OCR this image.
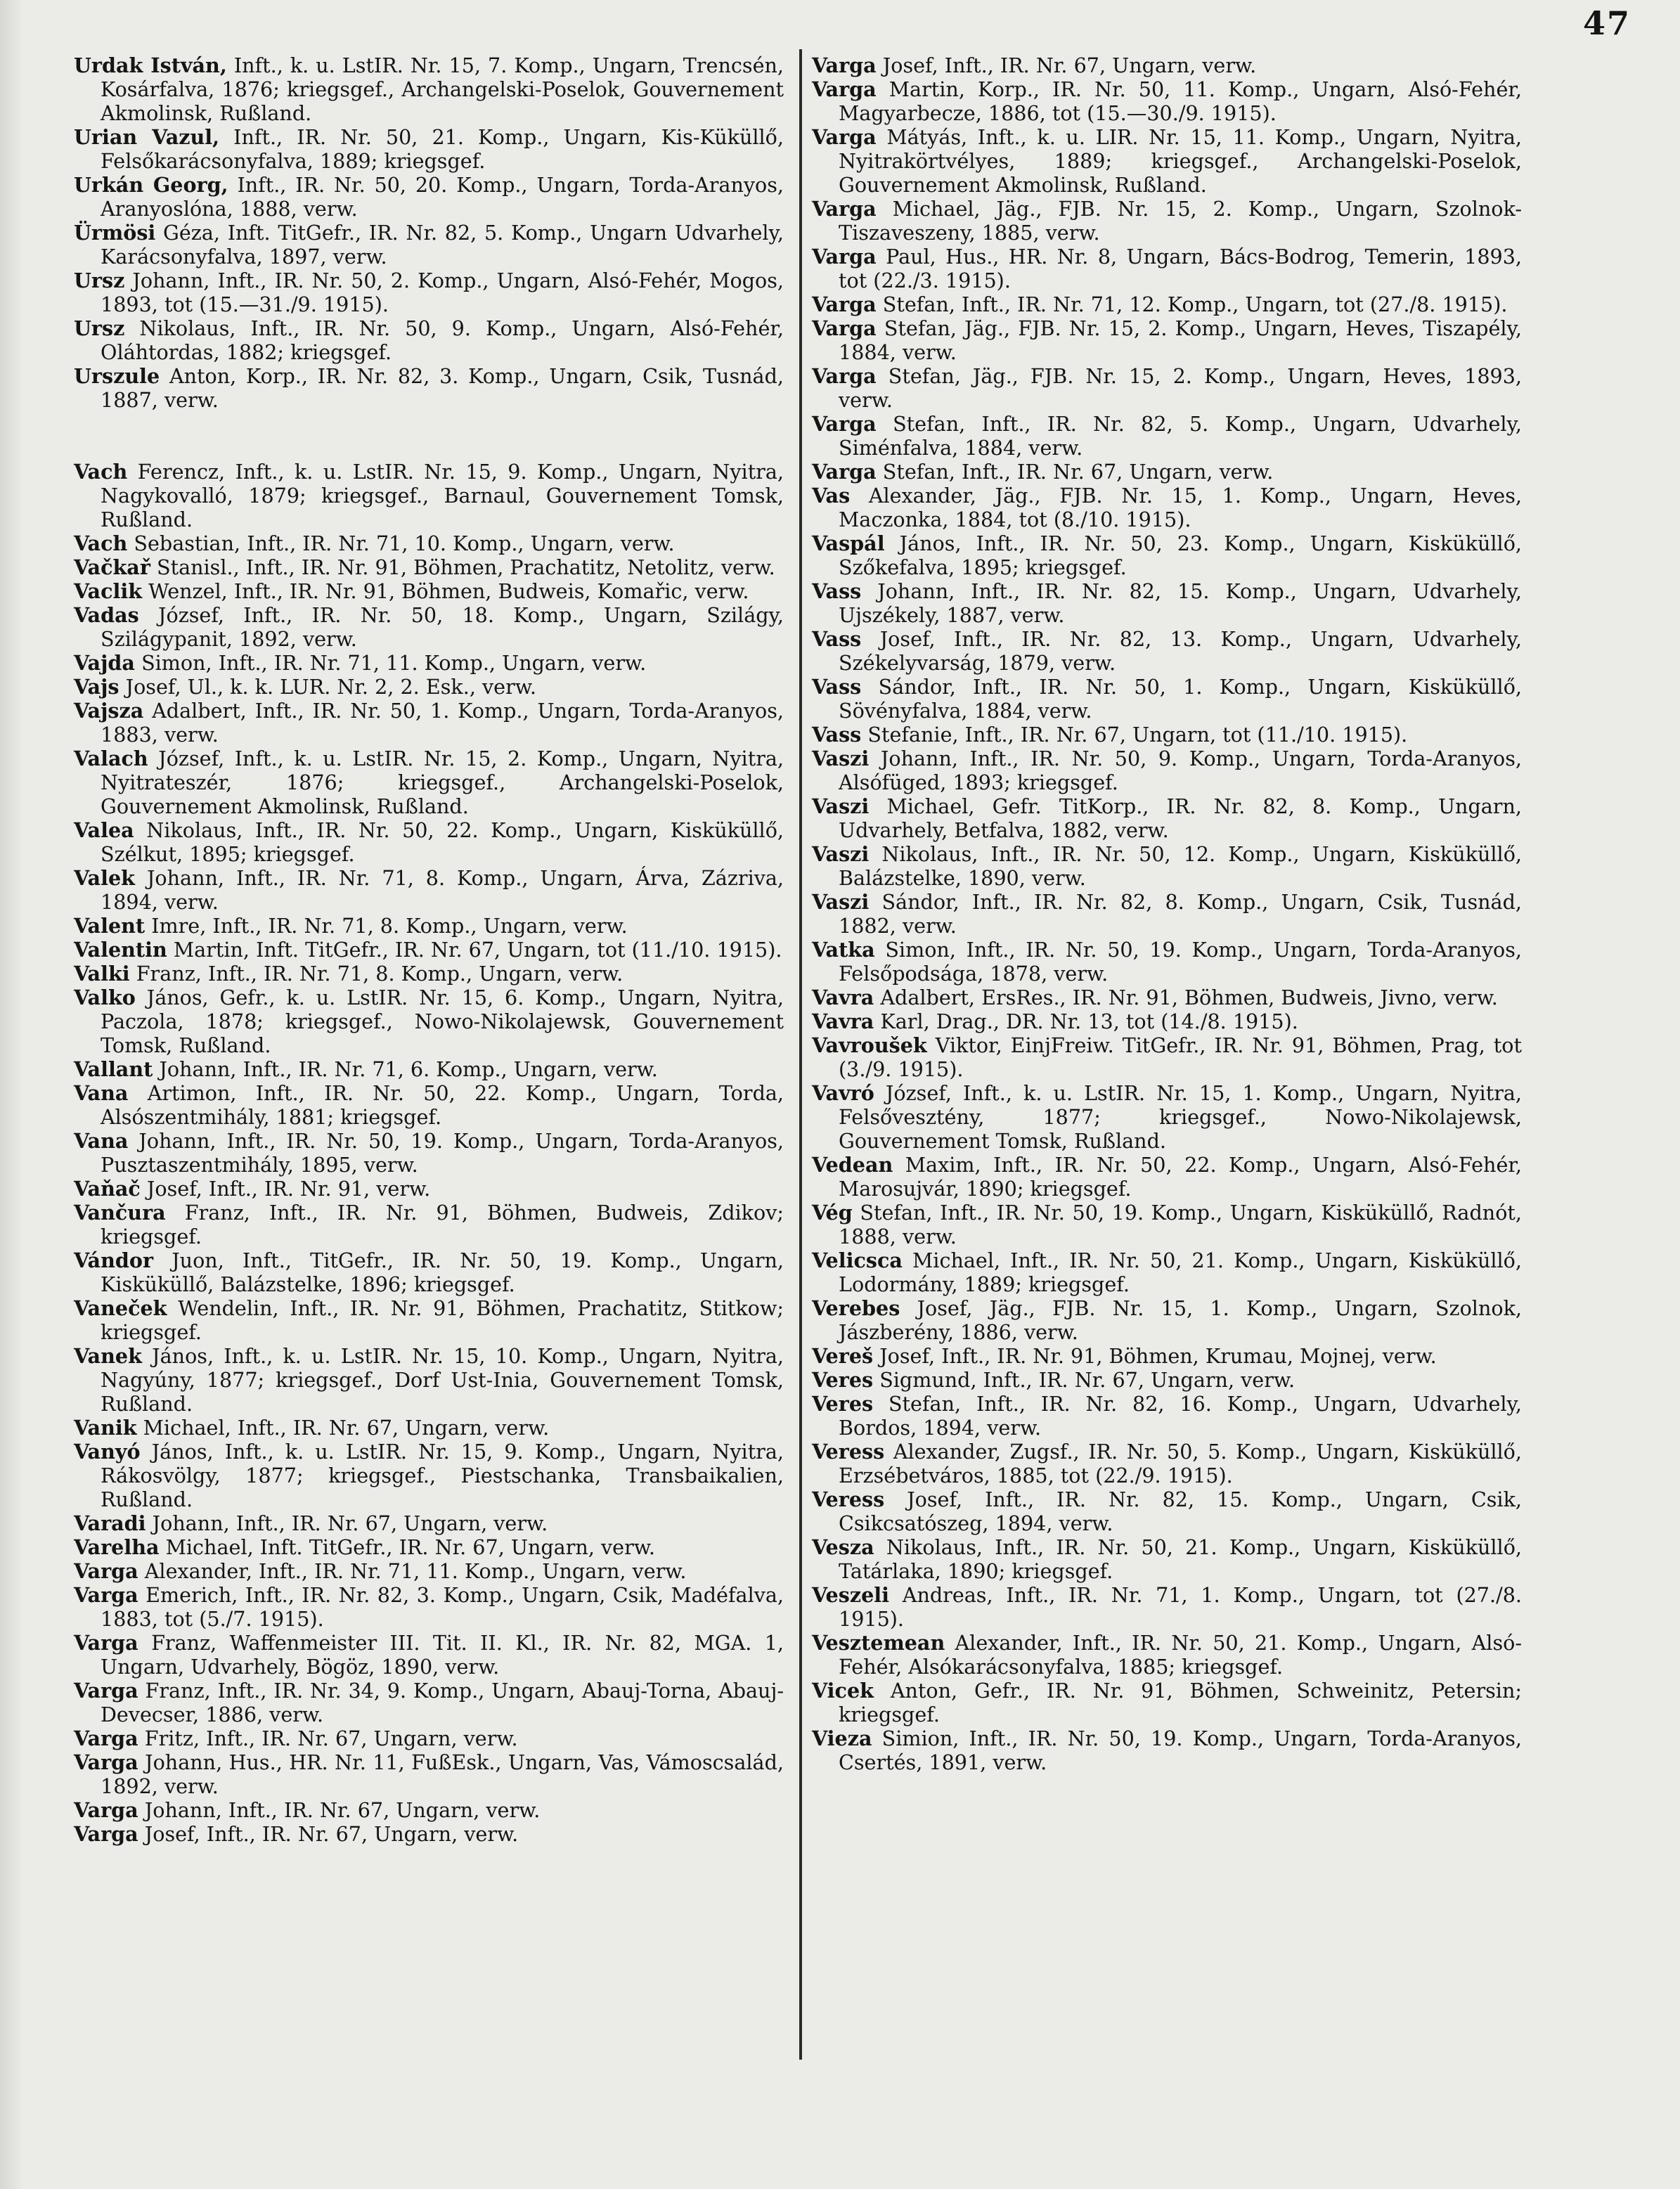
47
Urdak István, Inft., k. u. LstIR. Nr. 15, 7. Komp., Ungarn, Trencsén, Kosárfalva, 1876; kriegsgef., Archangelski-Poselok, Gouvernement Akmolinsk, Rußland.
Urian Vazul, Inft., IR. Nr. 50, 21. Komp., Ungarn, Kis-Küküllő, Felsőkarácsonyfalva, 1889; kriegsgef.
Urkán Georg, Inft., IR. Nr. 50, 20. Komp., Ungarn, Torda-Aranyos, Aranyoslóna, 1888, verw.
Ürmösi Géza, Inft. TitGefr., IR. Nr. 82, 5. Komp., Ungarn Udvarhely, Karácsonyfalva, 1897, verw.
Ursz Johann, Inft., IR. Nr. 50, 2. Komp., Ungarn, Alsó-Fehér, Mogos, 1893, tot (15.—31./9. 1915).
Ursz Nikolaus, Inft., IR. Nr. 50, 9. Komp., Ungarn, Alsó-Fehér, Oláhtordas, 1882; kriegsgef.
Urszule Anton, Korp., IR. Nr. 82, 3. Komp., Ungarn, Csik, Tusnád, 1887, verw.
Vach Ferencz, Inft., k. u. LstIR. Nr. 15, 9. Komp., Ungarn, Nyitra, Nagykovalló, 1879; kriegsgef., Barnaul, Gouvernement Tomsk, Rußland.
Vach Sebastian, Inft., IR. Nr. 71, 10. Komp., Ungarn, verw.
Vačkař Stanisl., Inft., IR. Nr. 91, Böhmen, Prachatitz, Netolitz, verw.
Vaclik Wenzel, Inft., IR. Nr. 91, Böhmen, Budweis, Komařic, verw.
Vadas József, Inft., IR. Nr. 50, 18. Komp., Ungarn, Szilágy, Szilágypanit, 1892, verw.
Vajda Simon, Inft., IR. Nr. 71, 11. Komp., Ungarn, verw.
Vajs Josef, Ul., k. k. LUR. Nr. 2, 2. Esk., verw.
Vajsza Adalbert, Inft., IR. Nr. 50, 1. Komp., Ungarn, Torda-Aranyos, 1883, verw.
Valach József, Inft., k. u. LstIR. Nr. 15, 2. Komp., Ungarn, Nyitra, Nyitrateszér, 1876; kriegsgef., Archangelski-Poselok, Gouvernement Akmolinsk, Rußland.
Valea Nikolaus, Inft., IR. Nr. 50, 22. Komp., Ungarn, Kisküküllő, Szélkut, 1895; kriegsgef.
Valek Johann, Inft., IR. Nr. 71, 8. Komp., Ungarn, Árva, Zázriva, 1894, verw.
Valent Imre, Inft., IR. Nr. 71, 8. Komp., Ungarn, verw.
Valentin Martin, Inft. TitGefr., IR. Nr. 67, Ungarn, tot (11./10. 1915).
Valki Franz, Inft., IR. Nr. 71, 8. Komp., Ungarn, verw.
Valko János, Gefr., k. u. LstIR. Nr. 15, 6. Komp., Ungarn, Nyitra, Paczola, 1878; kriegsgef., Nowo-Nikolajewsk, Gouvernement Tomsk, Rußland.
Vallant Johann, Inft., IR. Nr. 71, 6. Komp., Ungarn, verw.
Vana Artimon, Inft., IR. Nr. 50, 22. Komp., Ungarn, Torda, Alsószentmihály, 1881; kriegsgef.
Vana Johann, Inft., IR. Nr. 50, 19. Komp., Ungarn, Torda-Aranyos, Pusztaszentmihály, 1895, verw.
Vaňač Josef, Inft., IR. Nr. 91, verw.
Vančura Franz, Inft., IR. Nr. 91, Böhmen, Budweis, Zdikov; kriegsgef.
Vándor Juon, Inft., TitGefr., IR. Nr. 50, 19. Komp., Ungarn, Kisküküllő, Balázstelke, 1896; kriegsgef.
Vaneček Wendelin, Inft., IR. Nr. 91, Böhmen, Prachatitz, Stitkow; kriegsgef.
Vanek János, Inft., k. u. LstIR. Nr. 15, 10. Komp., Ungarn, Nyitra, Nagyúny, 1877; kriegsgef., Dorf Ust-Inia, Gouvernement Tomsk, Rußland.
Vanik Michael, Inft., IR. Nr. 67, Ungarn, verw.
Vanyó János, Inft., k. u. LstIR. Nr. 15, 9. Komp., Ungarn, Nyitra, Rákosvölgy, 1877; kriegsgef., Piestschanka, Transbaikalien, Rußland.
Varadi Johann, Inft., IR. Nr. 67, Ungarn, verw.
Varelha Michael, Inft. TitGefr., IR. Nr. 67, Ungarn, verw.
Varga Alexander, Inft., IR. Nr. 71, 11. Komp., Ungarn, verw.
Varga Emerich, Inft., IR. Nr. 82, 3. Komp., Ungarn, Csik, Madéfalva, 1883, tot (5./7. 1915).
Varga Franz, Waffenmeister III. Tit. II. Kl., IR. Nr. 82, MGA. 1, Ungarn, Udvarhely, Bögöz, 1890, verw.
Varga Franz, Inft., IR. Nr. 34, 9. Komp., Ungarn, Abauj-Torna, Abauj-Devecser, 1886, verw.
Varga Fritz, Inft., IR. Nr. 67, Ungarn, verw.
Varga Johann, Hus., HR. Nr. 11, FußEsk., Ungarn, Vas, Vámoscsalád, 1892, verw.
Varga Johann, Inft., IR. Nr. 67, Ungarn, verw.
Varga Josef, Inft., IR. Nr. 67, Ungarn, verw.
Varga Josef, Inft., IR. Nr. 67, Ungarn, verw.
Varga Martin, Korp., IR. Nr. 50, 11. Komp., Ungarn, Alsó-Fehér, Magyarbecze, 1886, tot (15.—30./9. 1915).
Varga Mátyás, Inft., k. u. LIR. Nr. 15, 11. Komp., Ungarn, Nyitra, Nyitrakörtvélyes, 1889; kriegsgef., Archangelski-Poselok, Gouvernement Akmolinsk, Rußland.
Varga Michael, Jäg., FJB. Nr. 15, 2. Komp., Ungarn, Szolnok-Tiszaveszeny, 1885, verw.
Varga Paul, Hus., HR. Nr. 8, Ungarn, Bács-Bodrog, Temerin, 1893, tot (22./3. 1915).
Varga Stefan, Inft., IR. Nr. 71, 12. Komp., Ungarn, tot (27./8. 1915).
Varga Stefan, Jäg., FJB. Nr. 15, 2. Komp., Ungarn, Heves, Tiszapély, 1884, verw.
Varga Stefan, Jäg., FJB. Nr. 15, 2. Komp., Ungarn, Heves, 1893, verw.
Varga Stefan, Inft., IR. Nr. 82, 5. Komp., Ungarn, Udvarhely, Siménfalva, 1884, verw.
Varga Stefan, Inft., IR. Nr. 67, Ungarn, verw.
Vas Alexander, Jäg., FJB. Nr. 15, 1. Komp., Ungarn, Heves, Maczonka, 1884, tot (8./10. 1915).
Vaspál János, Inft., IR. Nr. 50, 23. Komp., Ungarn, Kisküküllő, Szőkefalva, 1895; kriegsgef.
Vass Johann, Inft., IR. Nr. 82, 15. Komp., Ungarn, Udvarhely, Ujszékely, 1887, verw.
Vass Josef, Inft., IR. Nr. 82, 13. Komp., Ungarn, Udvarhely, Székelyvarság, 1879, verw.
Vass Sándor, Inft., IR. Nr. 50, 1. Komp., Ungarn, Kisküküllő, Sövényfalva, 1884, verw.
Vass Stefanie, Inft., IR. Nr. 67, Ungarn, tot (11./10. 1915).
Vaszi Johann, Inft., IR. Nr. 50, 9. Komp., Ungarn, Torda-Aranyos, Alsófüged, 1893; kriegsgef.
Vaszi Michael, Gefr. TitKorp., IR. Nr. 82, 8. Komp., Ungarn, Udvarhely, Betfalva, 1882, verw.
Vaszi Nikolaus, Inft., IR. Nr. 50, 12. Komp., Ungarn, Kisküküllő, Balázstelke, 1890, verw.
Vaszi Sándor, Inft., IR. Nr. 82, 8. Komp., Ungarn, Csik, Tusnád, 1882, verw.
Vatka Simon, Inft., IR. Nr. 50, 19. Komp., Ungarn, Torda-Aranyos, Felsőpodsága, 1878, verw.
Vavra Adalbert, ErsRes., IR. Nr. 91, Böhmen, Budweis, Jivno, verw.
Vavra Karl, Drag., DR. Nr. 13, tot (14./8. 1915).
Vavroušek Viktor, EinjFreiw. TitGefr., IR. Nr. 91, Böhmen, Prag, tot (3./9. 1915).
Vavró József, Inft., k. u. LstIR. Nr. 15, 1. Komp., Ungarn, Nyitra, Felsővesztény, 1877; kriegsgef., Nowo-Nikolajewsk, Gouvernement Tomsk, Rußland.
Vedean Maxim, Inft., IR. Nr. 50, 22. Komp., Ungarn, Alsó-Fehér, Marosujvár, 1890; kriegsgef.
Vég Stefan, Inft., IR. Nr. 50, 19. Komp., Ungarn, Kisküküllő, Radnót, 1888, verw.
Velicsca Michael, Inft., IR. Nr. 50, 21. Komp., Ungarn, Kisküküllő, Lodormány, 1889; kriegsgef.
Verebes Josef, Jäg., FJB. Nr. 15, 1. Komp., Ungarn, Szolnok, Jászberény, 1886, verw.
Vereš Josef, Inft., IR. Nr. 91, Böhmen, Krumau, Mojnej, verw.
Veres Sigmund, Inft., IR. Nr. 67, Ungarn, verw.
Veres Stefan, Inft., IR. Nr. 82, 16. Komp., Ungarn, Udvarhely, Bordos, 1894, verw.
Veress Alexander, Zugsf., IR. Nr. 50, 5. Komp., Ungarn, Kisküküllő, Erzsébetváros, 1885, tot (22./9. 1915).
Veress Josef, Inft., IR. Nr. 82, 15. Komp., Ungarn, Csik, Csikcsatószeg, 1894, verw.
Vesza Nikolaus, Inft., IR. Nr. 50, 21. Komp., Ungarn, Kisküküllő, Tatárlaka, 1890; kriegsgef.
Veszeli Andreas, Inft., IR. Nr. 71, 1. Komp., Ungarn, tot (27./8. 1915).
Vesztemean Alexander, Inft., IR. Nr. 50, 21. Komp., Ungarn, Alsó-Fehér, Alsókarácsonyfalva, 1885; kriegsgef.
Vicek Anton, Gefr., IR. Nr. 91, Böhmen, Schweinitz, Petersin; kriegsgef.
Vieza Simion, Inft., IR. Nr. 50, 19. Komp., Ungarn, Torda-Aranyos, Csertés, 1891, verw.
